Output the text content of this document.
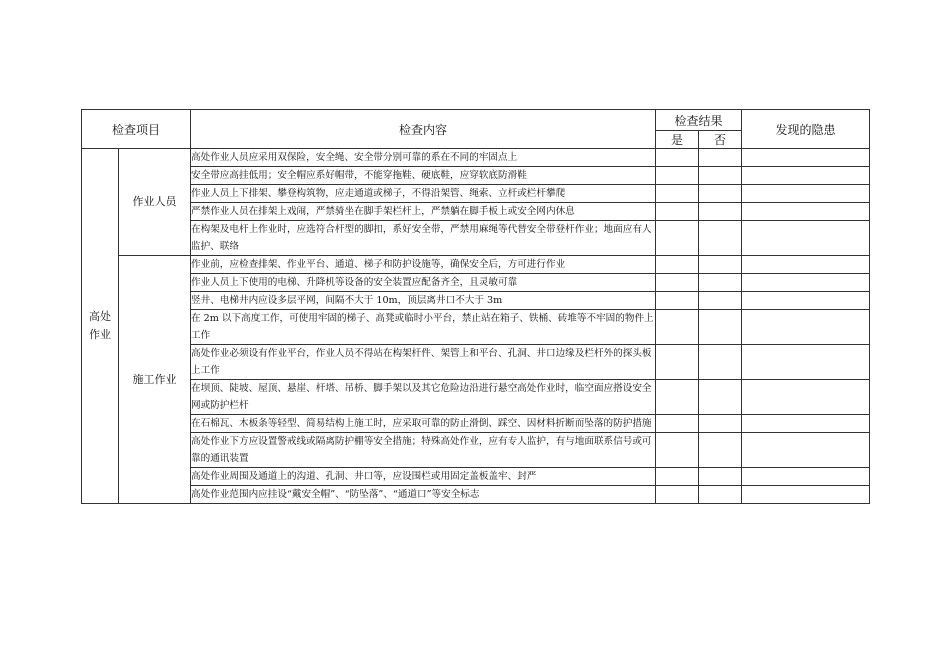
检查项目		检查内容	检查结果		发现的隐患
			是	否	
高处作业	作业人员	高处作业人员应采用双保险，安全绳、安全带分别可靠的系在不同的牢固点上			
		安全带应高挂低用；安全帽应系好帽带，不能穿拖鞋、硬底鞋，应穿软底防滑鞋			
		作业人员上下排架、攀登构筑物，应走通道或梯子，不得沿架管、绳索、立杆或栏杆攀爬			
		严禁作业人员在排架上戏闹，严禁骑坐在脚手架栏杆上，严禁躺在脚手板上或安全网内休息			
		在构架及电杆上作业时，应选符合杆型的脚扣，系好安全带，严禁用麻绳等代替安全带登杆作业；地面应有人监护、联络			
	施工作业	作业前，应检查排架、作业平台、通道、梯子和防护设施等，确保安全后，方可进行作业			
		作业人员上下使用的电梯、升降机等设备的安全装置应配备齐全，且灵敏可靠			
		竖井、电梯井内应设多层平网，间隔不大于 10m，顶层离井口不大于 3m			
		在 2m 以下高度工作，可使用牢固的梯子、高凳或临时小平台，禁止站在箱子、铁桶、砖堆等不牢固的物件上工作			
		高处作业必须设有作业平台，作业人员不得站在构架杆件、架管上和平台、孔洞、井口边缘及栏杆外的探头板上工作			
		在坝顶、陡坡、屋顶、悬崖、杆塔、吊桥、脚手架以及其它危险边沿进行悬空高处作业时，临空面应搭设安全网或防护栏杆			
		在石棉瓦、木板条等轻型、简易结构上施工时，应采取可靠的防止滑倒、踩空、因材料折断而坠落的防护措施			
		高处作业下方应设置警戒线或隔离防护棚等安全措施；特殊高处作业，应有专人监护，有与地面联系信号或可靠的通讯装置			
		高处作业周围及通道上的沟道、孔洞、井口等，应设围栏或用固定盖板盖牢、封严			
		高处作业范围内应挂设“戴安全帽”、“防坠落”、“通道口”等安全标志			
